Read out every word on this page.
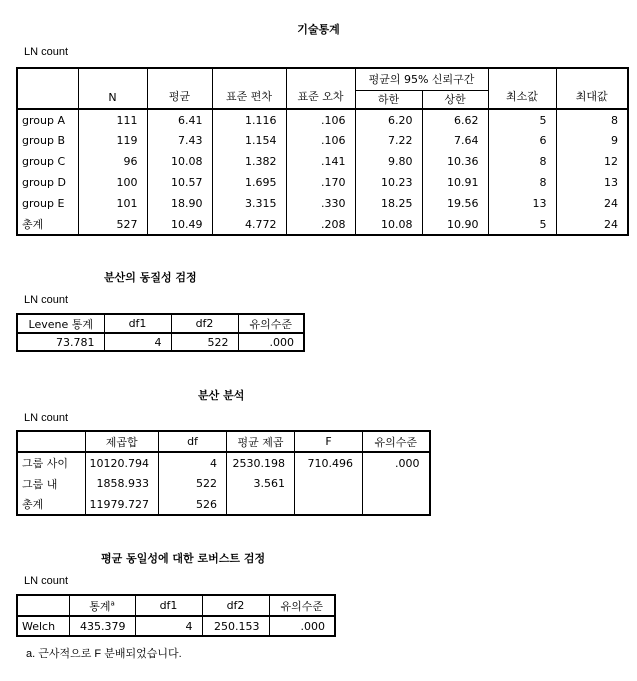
기술통계
LN count
	N	평균	표준 편차	표준 오차	평균의 95% 신뢰구간		최소값	최대값
					하한	상한		
group A	111	6.41	1.116	.106	6.20	6.62	5	8
group B	119	7.43	1.154	.106	7.22	7.64	6	9
group C	96	10.08	1.382	.141	9.80	10.36	8	12
group D	100	10.57	1.695	.170	10.23	10.91	8	13
group E	101	18.90	3.315	.330	18.25	19.56	13	24
총계	527	10.49	4.772	.208	10.08	10.90	5	24
분산의 동질성 검정
LN count
Levene 통계	df1	df2	유의수준
73.781	4	522	.000
분산 분석
LN count
	제곱합	df	평균 제곱	F	유의수준
그룹 사이	10120.794	4	2530.198	710.496	.000
그룹 내	1858.933	522	3.561		
총계	11979.727	526			
평균 동일성에 대한 로버스트 검정
LN count
	통계$^a$	df1	df2	유의수준
Welch	435.379	4	250.153	.000
a. 근사적으로 F 분배되었습니다.
